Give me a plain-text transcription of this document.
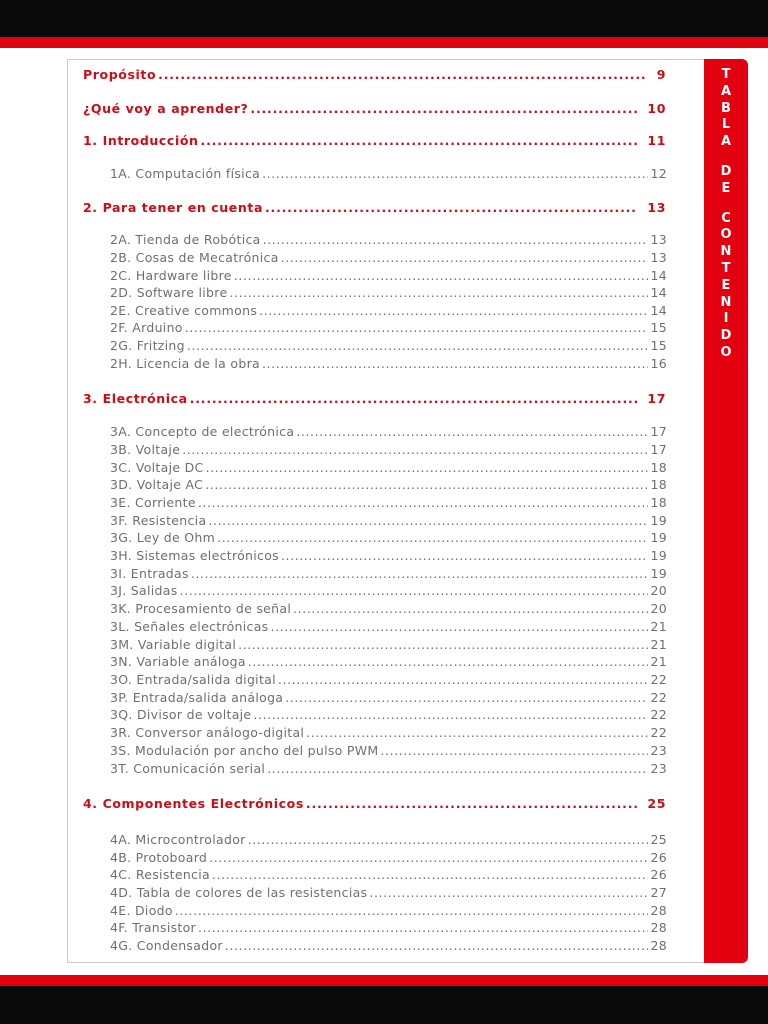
Propósito .....	9
¿Qué voy a aprender? .....	10
1. Introducción .....	11
1A. Computación física .....	12
2. Para tener en cuenta .....	13
2A. Tienda de Robótica .....	13
2B. Cosas de Mecatrónica .....	13
2C. Hardware libre .....	14
2D. Software libre .....	14
2E. Creative commons .....	14
2F. Arduino .....	15
2G. Fritzing .....	15
2H. Licencia de la obra .....	16
3. Electrónica .....	17
3A. Concepto de electrónica .....	17
3B. Voltaje .....	17
3C. Voltaje DC .....	18
3D. Voltaje AC .....	18
3E. Corriente .....	18
3F. Resistencia .....	19
3G. Ley de Ohm .....	19
3H. Sistemas electrónicos .....	19
3I. Entradas .....	19
3J. Salidas .....	20
3K. Procesamiento de señal .....	20
3L. Señales electrónicas .....	21
3M. Variable digital .....	21
3N. Variable análoga .....	21
3O. Entrada/salida digital .....	22
3P. Entrada/salida análoga .....	22
3Q. Divisor de voltaje .....	22
3R. Conversor análogo-digital .....	22
3S. Modulación por ancho del pulso PWM .....	23
3T. Comunicación serial .....	23
4. Componentes Electrónicos .....	25
4A. Microcontrolador .....	25
4B. Protoboard .....	26
4C. Resistencia .....	26
4D. Tabla de colores de las resistencias .....	27
4E. Diodo .....	28
4F. Transistor .....	28
4G. Condensador .....	28
T
A
B
L
A
D
E
C
O
N
T
E
N
I
D
O
